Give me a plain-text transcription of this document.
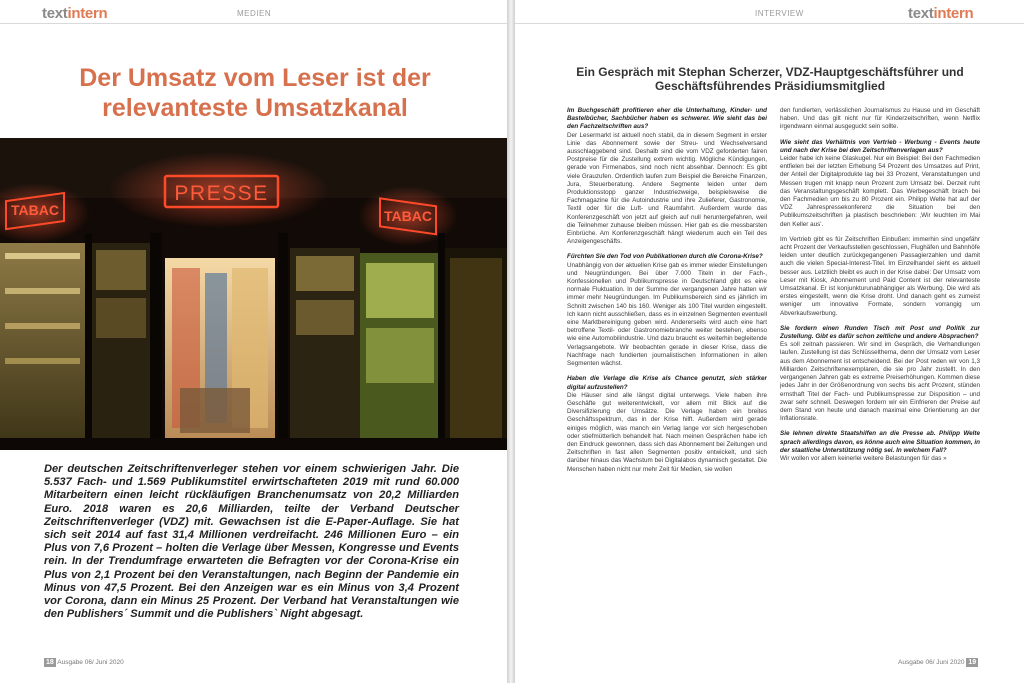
textintern	MEDIEN
Der Umsatz vom Leser ist der relevanteste Umsatzkanal
PRESSE
TABAC	TABAC

Der deutschen Zeitschriftenverleger stehen vor einem schwierigen Jahr. Die 5.537 Fach- und 1.569 Publikumstitel erwirtschafteten 2019 mit rund 60.000 Mitarbeitern einen leicht rückläufigen Branchenumsatz von 20,2 Milliarden Euro. 2018 waren es 20,6 Milliarden, teilte der Verband Deutscher Zeitschriftenverleger (VDZ) mit. Gewachsen ist die E-Paper-Auflage. Sie hat sich seit 2014 auf fast 31,4 Millionen verdreifacht. 246 Millionen Euro – ein Plus von 7,6 Prozent – holten die Verlage über Messen, Kongresse und Events rein. In der Trendumfrage erwarteten die Befragten vor der Corona-Krise ein Plus von 2,1 Prozent bei den Veranstaltungen, nach Beginn der Pandemie ein Minus von 47,5 Prozent. Bei den Anzeigen war es ein Minus von 3,4 Prozent vor Corona, dann ein Minus 25 Prozent. Der Verband hat Veranstaltungen wie den Publishers´ Summit und die Publishers` Night abgesagt.

18 Ausgabe 06/ Juni 2020
INTERVIEW	textintern
Ein Gespräch mit Stephan Scherzer, VDZ-Hauptgeschäftsführer und Geschäftsführendes Präsidiumsmitglied

Im Buchgeschäft profitieren eher die Unterhaltung, Kinder- und Bastelbücher, Sachbücher haben es schwerer. Wie sieht das bei den Fachzeitschriften aus?

Der Lesermarkt ist aktuell noch stabil, da in diesem Segment in erster Linie das Abonnement sowie der Streu- und Wechselversand ausschlaggebend sind. Deshalb sind die vom VDZ geforderten fairen Postpreise für die Zustellung extrem wichtig. Mögliche Kündigungen, gerade von Firmenabos, sind noch nicht absehbar. Dennoch: Es gibt viele Grauzufen. Ordentlich laufen zum Beispiel die Bereiche Finanzen, Jura, Steuerberatung. Andere Segmente leiden unter dem Produktionsstopp ganzer Industriezweige, beispielsweise die Fachmagazine für die Autoindustrie und ihre Zulieferer, Gastronomie, Textil oder für die Luft- und Raumfahrt. Außerdem wurde das Konferenzgeschäft von jetzt auf gleich auf null heruntergefahren, weil die Teilnehmer zuhause bleiben müssen. Hier gab es die messbarsten Einbrüche. Am Konferenzgeschäft hängt wiederum auch ein Teil des Anzeigengeschäfts.

Fürchten Sie den Tod von Publikationen durch die Corona-Krise?

Unabhängig von der aktuellen Krise gab es immer wieder Einstellungen und Neugründungen. Bei über 7.000 Titeln in der Fach-, Konfessionellen und Publikumspresse in Deutschland gibt es eine normale Fluktuation. In der Summe der vergangenen Jahre hatten wir immer mehr Neugründungen. Im Publikumsbereich sind es jährlich im Schnitt zwischen 140 bis 160. Weniger als 100 Titel wurden eingestellt. Ich kann nicht ausschließen, dass es in einzelnen Segmenten eventuell eine Marktbereinigung geben wird. Andererseits wird auch eine hart betroffene Textil- oder Gastronomiebranche weiter bestehen, ebenso wie eine Automobilindustrie. Und dazu braucht es weiterhin begleitende Verlagsangebote. Wir beobachten gerade in dieser Krise, dass die Nachfrage nach fundierten journalistischen Informationen in allen Segmenten wächst.

Haben die Verlage die Krise als Chance genutzt, sich stärker digital aufzustellen?

Die Häuser sind alle längst digital unterwegs. Viele haben ihre Geschäfte gut weiterentwickelt, vor allem mit Blick auf die Diversifizierung der Umsätze. Die Verlage haben ein breites Geschäftsspektrum, das in der Krise hilft. Außerdem wird gerade einiges möglich, was manch ein Verlag lange vor sich hergeschoben oder stiefmütterlich behandelt hat. Nach meinen Gesprächen habe ich den Eindruck gewonnen, dass sich das Abonnement bei Zeitungen und Zeitschriften in fast allen Segmenten positiv entwickelt, und sich darüber hinaus das Wachstum bei Digitalabos dynamisch gestaltet. Die Menschen haben nicht nur mehr Zeit für Medien, sie wollen

den fundierten, verlässlichen Journalismus zu Hause und im Geschäft haben. Und das gilt nicht nur für Kinderzeitschriften, wenn Netflix irgendwann einmal ausgeguckt sein sollte.

Wie sieht das Verhältnis von Vertrieb - Werbung - Events heute und nach der Krise bei den Zeitschriftenverlagen aus?

Leider habe ich keine Glaskugel. Nur ein Beispiel: Bei den Fachmedien entfielen bei der letzten Erhebung 54 Prozent des Umsatzes auf Print, der Anteil der Digitalprodukte lag bei 33 Prozent, Veranstaltungen und Messen trugen mit knapp neun Prozent zum Umsatz bei. Derzeit ruht das Veranstaltungsgeschäft komplett. Das Werbegeschäft brach bei den Fachmedien um bis zu 80 Prozent ein. Philipp Welte hat auf der VDZ Jahrespressekonferenz die Situation bei den Publikumszeitschriften ja plastisch beschrieben: ‚Wir leuchten im Mai den Keller aus'.

Im Vertrieb gibt es für Zeitschriften Einbußen: immerhin sind ungefähr acht Prozent der Verkaufsstellen geschlossen, Flughäfen und Bahnhöfe leiden unter deutlich zurückgegangenen Passagierzahlen und damit auch die vielen Special-Interest-Titel. Im Einzelhandel sieht es aktuell besser aus. Letztlich bleibt es auch in der Krise dabei: Der Umsatz vom Leser mit Kiosk, Abonnement und Paid Content ist der relevanteste Umsatzkanal. Er ist konjunkturunabhängiger als Werbung. Die wird als erstes eingestellt, wenn die Krise droht. Und danach geht es zumeist weniger um innovative Formate, sondern vorrangig um Abverkaufswerbung.

Sie fordern einen Runden Tisch mit Post und Politik zur Zustellung. Gibt es dafür schon zeitliche und andere Absprachen?

Es soll zeitnah passieren. Wir sind im Gespräch, die Verhandlungen laufen. Zustellung ist das Schlüsselthema, denn der Umsatz vom Leser aus dem Abonnement ist entscheidend. Bei der Post reden wir von 1,3 Milliarden Zeitschriftenexemplaren, die sie pro Jahr zustellt. In den vergangenen Jahren gab es extreme Preiserhöhungen. Kommen diese jedes Jahr in der Größenordnung von sechs bis acht Prozent, stünden ernsthaft Titel der Fach- und Publikumspresse zur Disposition – und zwar sehr schnell. Deswegen fordern wir ein Einfrieren der Preise auf dem Stand von heute und danach maximal eine Orientierung an der Inflationsrate.

Sie lehnen direkte Staatshilfen an die Presse ab. Philipp Welte sprach allerdings davon, es könne auch eine Situation kommen, in der staatliche Unterstützung nötig sei. In welchem Fall?

Wir wollen vor allem keinerlei weitere Belastungen für das »

Ausgabe 06/ Juni 2020 19
